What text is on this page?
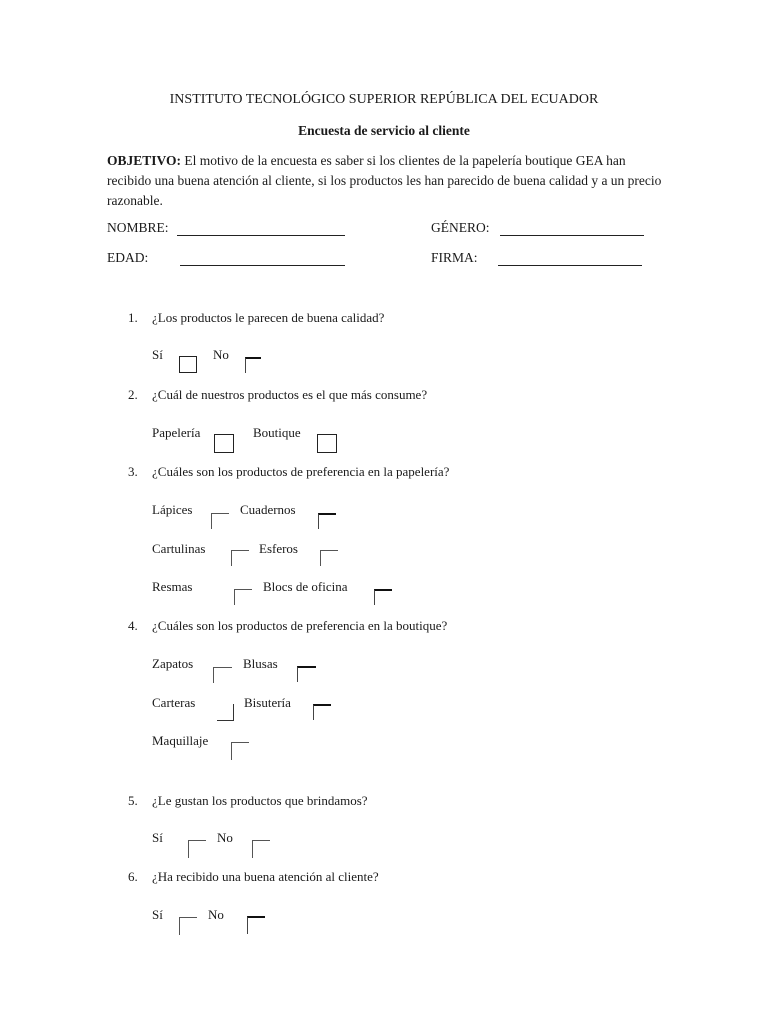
INSTITUTO TECNOLÓGICO SUPERIOR REPÚBLICA DEL ECUADOR
Encuesta de servicio al cliente
OBJETIVO: El motivo de la encuesta es saber si los clientes de la papelería boutique GEA han recibido una buena atención al cliente, si los productos les han parecido de buena calidad y a un precio razonable.
NOMBRE:	GÉNERO:
EDAD:	FIRMA:
1. ¿Los productos le parecen de buena calidad?
Sí	No
2. ¿Cuál de nuestros productos es el que más consume?
Papelería	Boutique
3. ¿Cuáles son los productos de preferencia en la papelería?
Lápices	Cuadernos
Cartulinas	Esferos
Resmas	Blocs de oficina
4. ¿Cuáles son los productos de preferencia en la boutique?
Zapatos	Blusas
Carteras	Bisutería
Maquillaje
5. ¿Le gustan los productos que brindamos?
Sí	No
6. ¿Ha recibido una buena atención al cliente?
Sí	No
